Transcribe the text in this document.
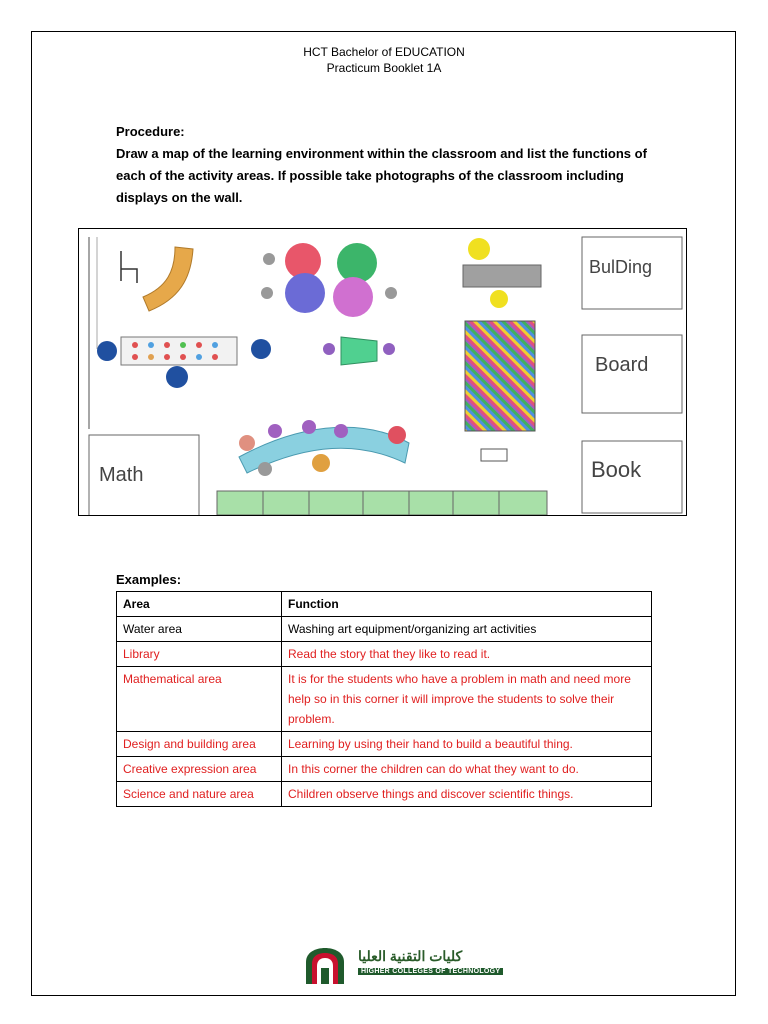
HCT Bachelor of EDUCATION
Practicum Booklet 1A
Procedure:
Draw a map of the learning environment within the classroom and list the functions of each of the activity areas. If possible take photographs of the classroom including displays on the wall.
BulDing
Board
Book
Math
Examples:
Area	Function
Water area	Washing art equipment/organizing art activities
Library	Read the story that they like to read it.
Mathematical area	It is for the students who have a problem in math and need more help so in this corner it will improve the students to solve their problem.
Design and building area	Learning by using their hand to build a beautiful thing.
Creative expression area	In this corner the children can do what they want to do.
Science and nature area	Children observe things and discover scientific things.
كليات التقنية العليا
HIGHER COLLEGES OF TECHNOLOGY
